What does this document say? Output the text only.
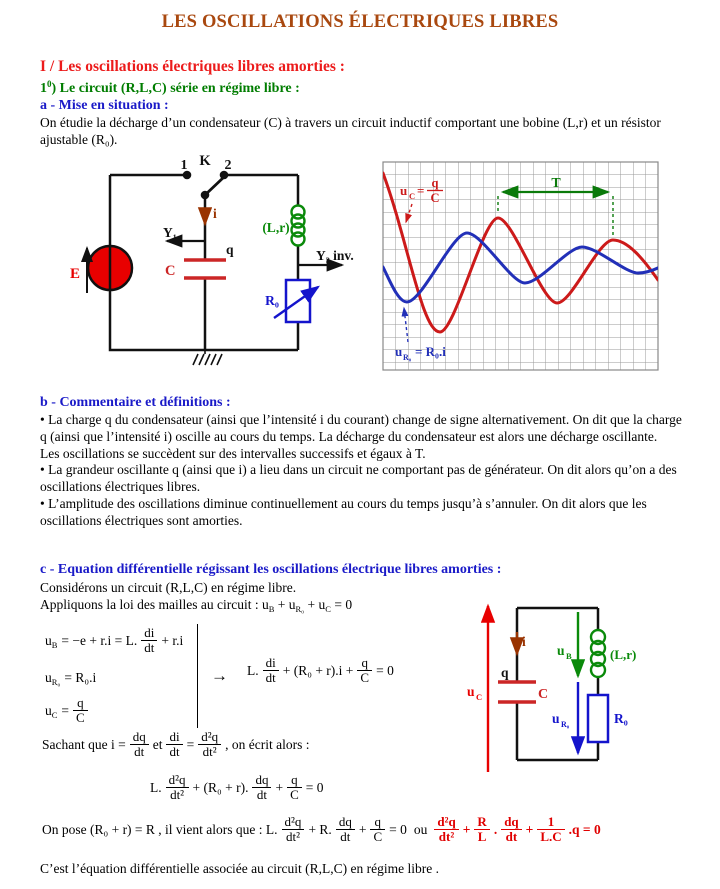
LES OSCILLATIONS ÉLECTRIQUES LIBRES
I / Les oscillations électriques libres amorties :
$1^0$) Le circuit (R,L,C) série en régime libre :
a - Mise en situation :

On étudie la décharge d’un condensateur (C) à travers un circuit inductif comportant une bobine (L,r) et un résistor ajustable (R₀).

1 K 2
i
Y₁
q
C
E
(L,r)
Y₂ inv.
R₀
T
u C = q
C
u R₀ = R₀.i
b - Commentaire et définitions :

• La charge q du condensateur (ainsi que l’intensité i du courant) change de signe alternativement. On dit que la charge q (ainsi que l’intensité i) oscille au cours du temps. La décharge du condensateur est alors une décharge oscillante.

Les oscillations se succèdent sur des intervalles successifs et égaux à T.

• La grandeur oscillante q (ainsi que i) a lieu dans un circuit ne comportant pas de générateur. On dit alors qu’on a des oscillations électriques libres.

• L’amplitude des oscillations diminue continuellement au cours du temps jusqu’à s’annuler. On dit alors que les oscillations électriques sont amorties.

c - Equation différentielle régissant les oscillations électrique libres amorties :

Considérons un circuit (R,L,C) en régime libre.

Appliquons la loi des mailles au circuit : $u_B + u_{R_0} + u_C = 0$

$u_B = -e + r.i = L$. $\frac{di}{dt} + r.i$
$u_{R_0} = R_0.i$
$u_C = \frac{q}{C}$
→ L. $\frac{di}{dt} + (R_0 + r).i + \frac{q}{C} = 0$
i
q
C
u C
u B
u R₀
(L,r)
R₀
Sachant que $i = \frac{dq}{dt}$ et $\frac{di}{dt} = \frac{\text{d²q}}{\text{dt²}}$ , on écrit alors :
L. $\frac{\text{d²q}}{\text{dt²}} + (R_0 + r)$. $\frac{dq}{dt} + \frac{q}{C} = 0$
On pose (R₀ + r) = R , il vient alors que : L. $\frac{\text{d²q}}{\text{dt²}} + R$. $\frac{dq}{dt} + \frac{q}{C} = 0$ ou $\frac{\text{d²q}}{\text{dt²}} + \frac{R}{L}$ . $\frac{dq}{dt} + \frac{1}{L.C} .q = 0$

C’est l’équation différentielle associée au circuit (R,L,C) en régime libre .
